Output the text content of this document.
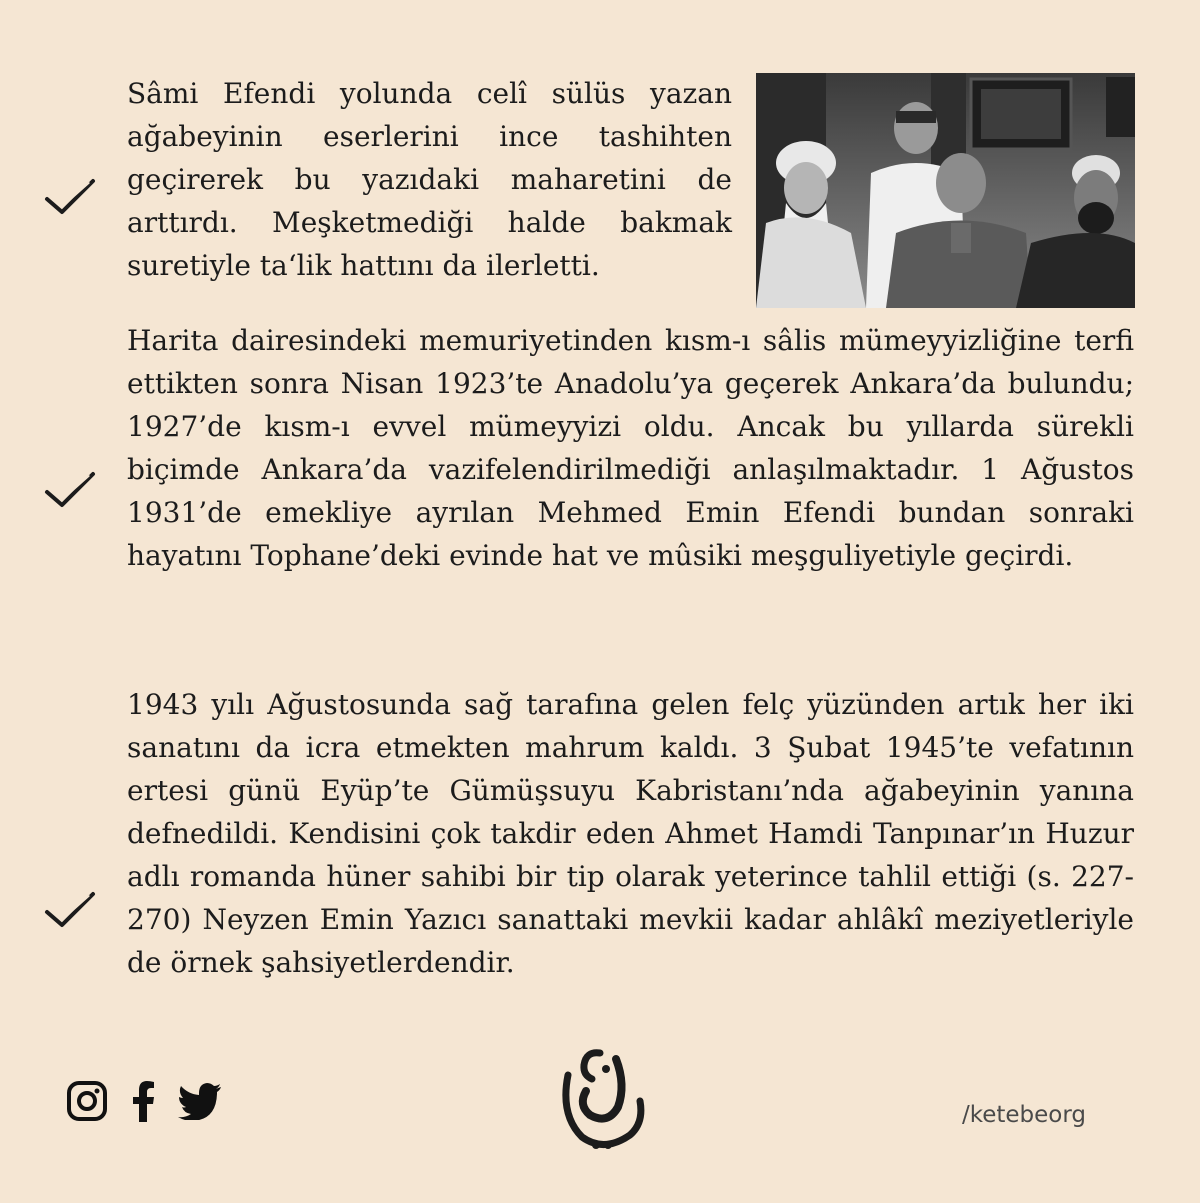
Sâmi Efendi yolunda celî sülüs yazan ağabeyinin eserlerini ince tashihten geçirerek bu yazıdaki maharetini de arttırdı. Meşketmediği halde bakmak suretiyle taʻlik hattını da ilerletti.

Harita dairesindeki memuriyetinden kısm-ı sâlis mümeyyizliğine terfi ettikten sonra Nisan 1923’te Anadolu’ya geçerek Ankara’da bulundu; 1927’de kısm-ı evvel mümeyyizi oldu. Ancak bu yıllarda sürekli biçimde Ankara’da vazifelendirilmediği anlaşılmaktadır. 1 Ağustos 1931’de emekliye ayrılan Mehmed Emin Efendi bundan sonraki hayatını Tophane’deki evinde hat ve mûsiki meşguliyetiyle geçirdi.

1943 yılı Ağustosunda sağ tarafına gelen felç yüzünden artık her iki sanatını da icra etmekten mahrum kaldı. 3 Şubat 1945’te vefatının ertesi günü Eyüp’te Gümüşsuyu Kabristanı’nda ağabeyinin yanına defnedildi. Kendisini çok takdir eden Ahmet Hamdi Tanpınar’ın Huzur adlı romanda hüner sahibi bir tip olarak yeterince tahlil ettiği (s. 227-270) Neyzen Emin Yazıcı sanattaki mevkii kadar ahlâkî meziyetleriyle de örnek şahsiyetlerdendir.

/ketebeorg
